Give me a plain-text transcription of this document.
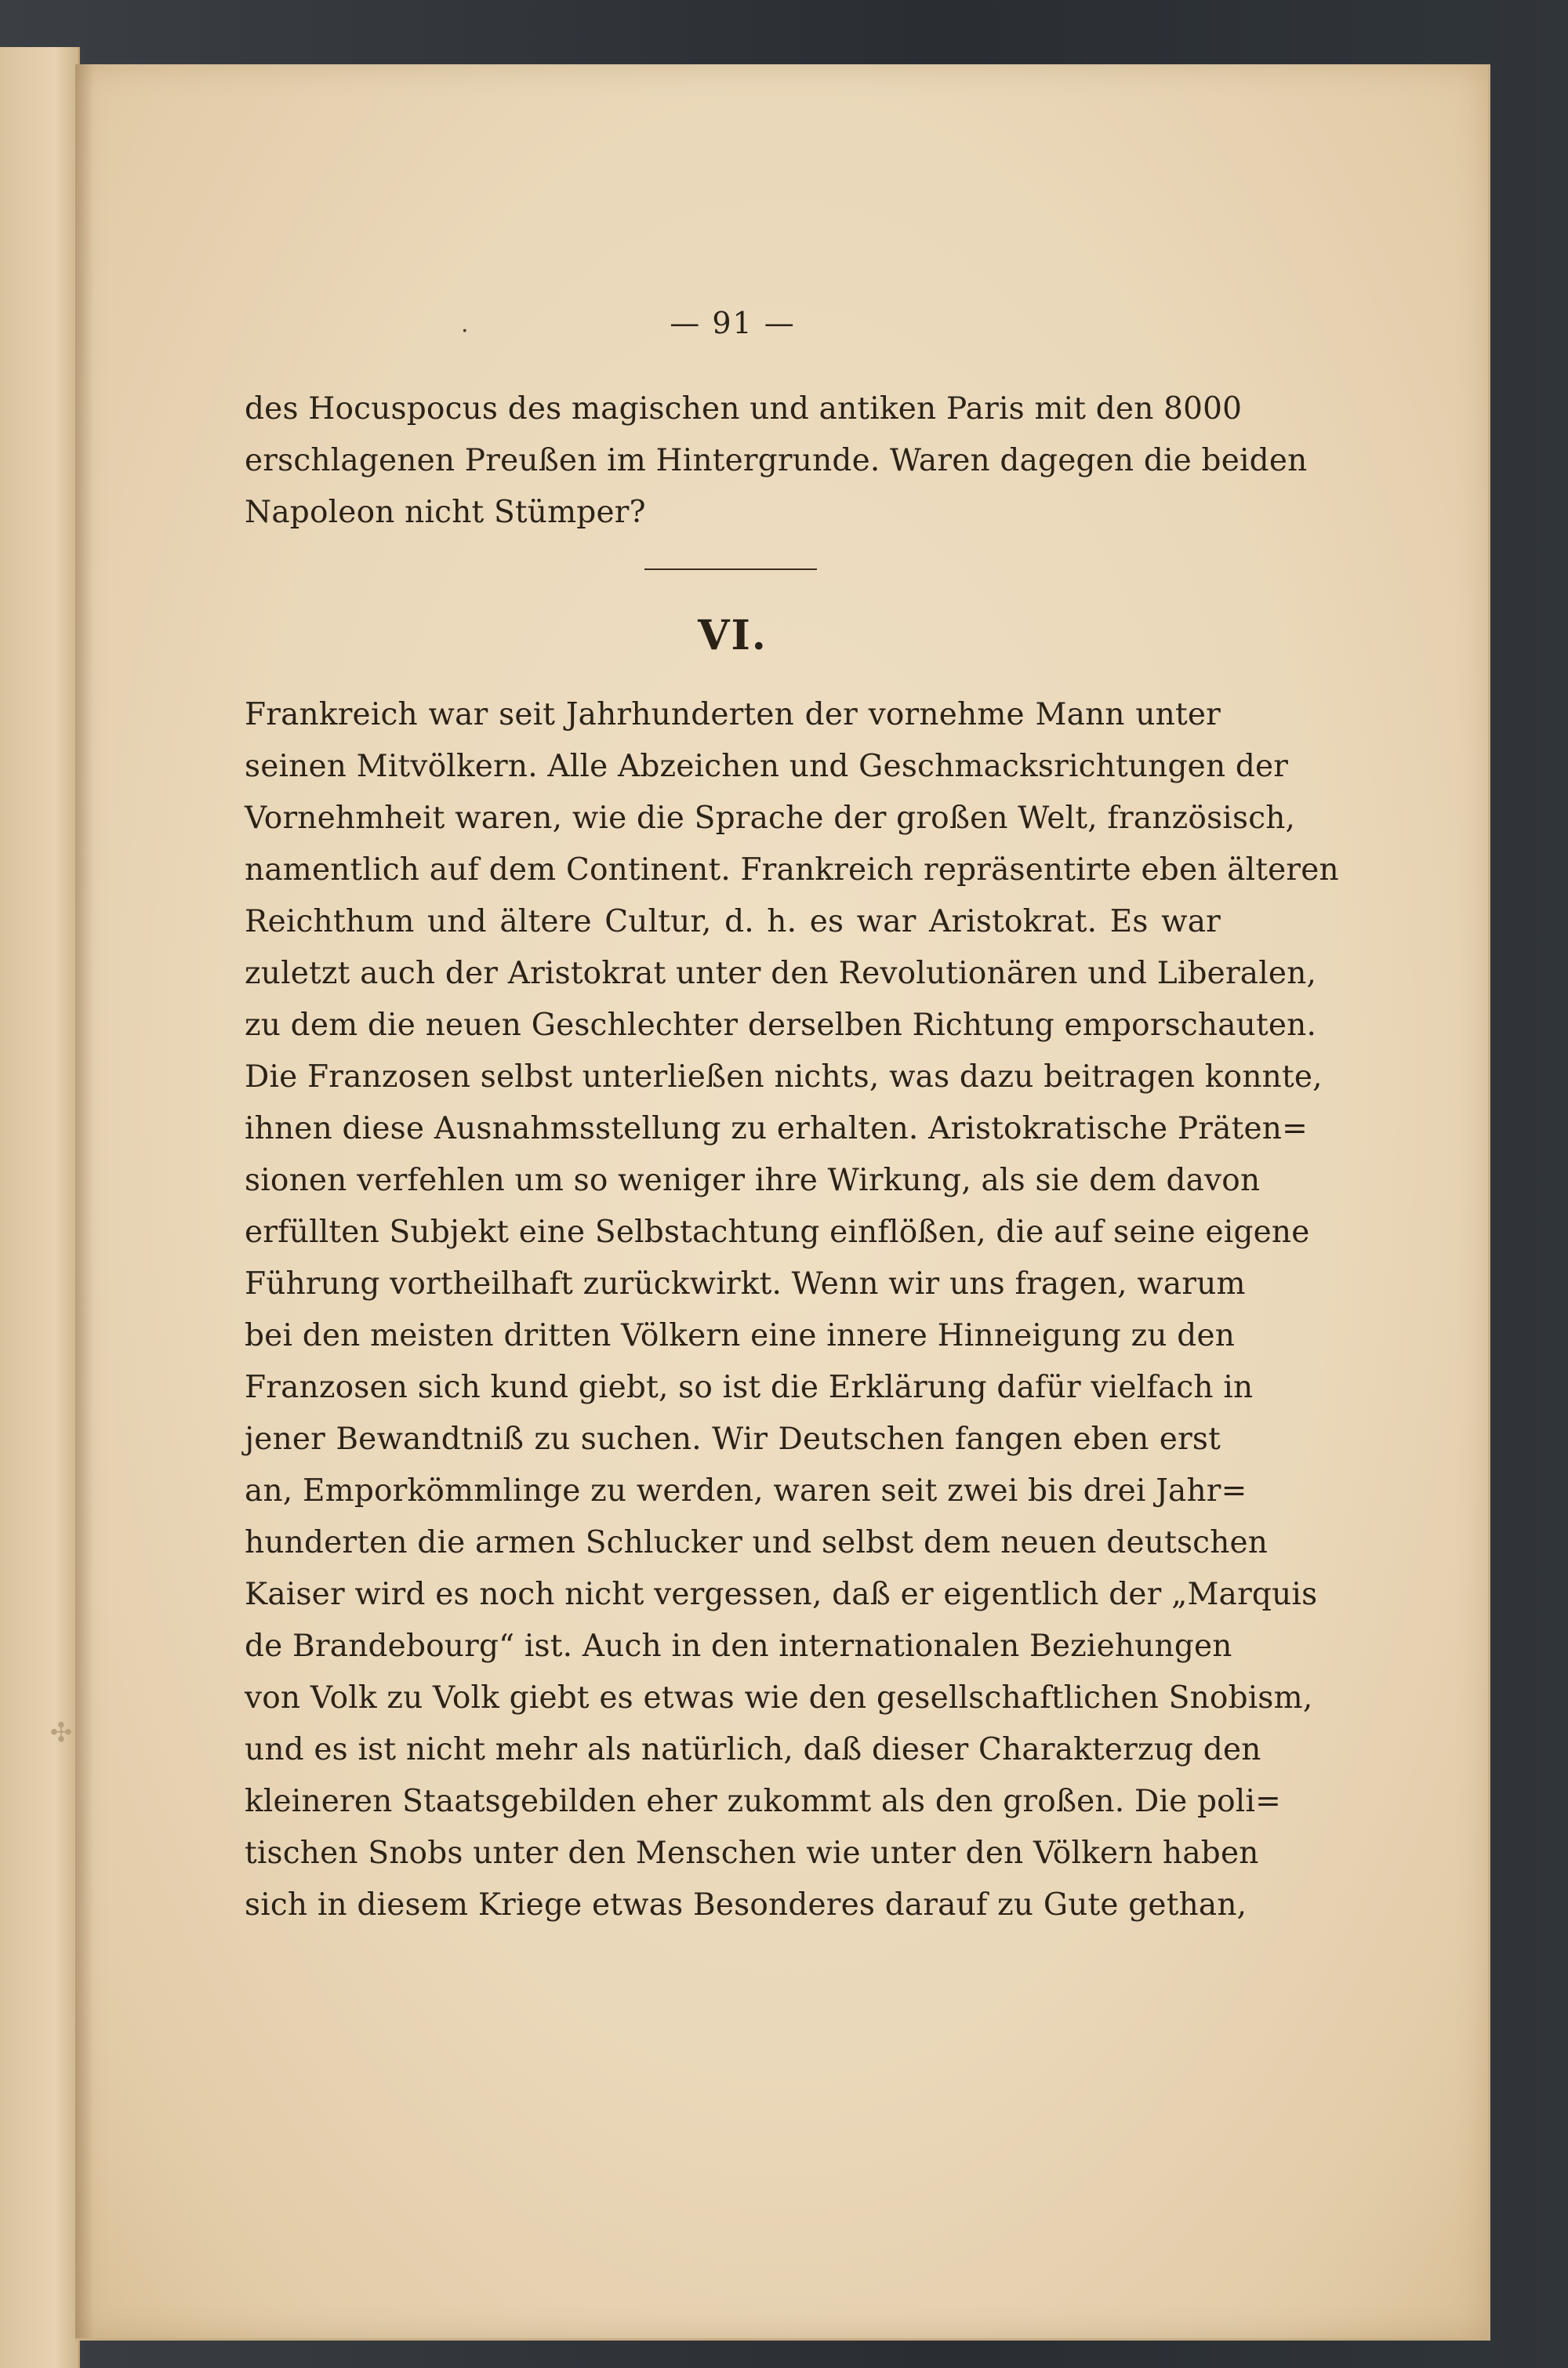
✣
.	— 91 —
des Hocuspocus des magischen und antiken Paris mit den 8000
erschlagenen Preußen im Hintergrunde. Waren dagegen die beiden
Napoleon nicht Stümper?
VI.
Frankreich war seit Jahrhunderten der vornehme Mann unter
seinen Mitvölkern. Alle Abzeichen und Geschmacksrichtungen der
Vornehmheit waren, wie die Sprache der großen Welt, französisch,
namentlich auf dem Continent. Frankreich repräsentirte eben älteren
Reichthum und ältere Cultur, d. h. es war Aristokrat. Es war
zuletzt auch der Aristokrat unter den Revolutionären und Liberalen,
zu dem die neuen Geschlechter derselben Richtung emporschauten.
Die Franzosen selbst unterließen nichts, was dazu beitragen konnte,
ihnen diese Ausnahmsstellung zu erhalten. Aristokratische Präten=
sionen verfehlen um so weniger ihre Wirkung, als sie dem davon
erfüllten Subjekt eine Selbstachtung einflößen, die auf seine eigene
Führung vortheilhaft zurückwirkt. Wenn wir uns fragen, warum
bei den meisten dritten Völkern eine innere Hinneigung zu den
Franzosen sich kund giebt, so ist die Erklärung dafür vielfach in
jener Bewandtniß zu suchen. Wir Deutschen fangen eben erst
an, Emporkömmlinge zu werden, waren seit zwei bis drei Jahr=
hunderten die armen Schlucker und selbst dem neuen deutschen
Kaiser wird es noch nicht vergessen, daß er eigentlich der „Marquis
de Brandebourg“ ist. Auch in den internationalen Beziehungen
von Volk zu Volk giebt es etwas wie den gesellschaftlichen Snobism,
und es ist nicht mehr als natürlich, daß dieser Charakterzug den
kleineren Staatsgebilden eher zukommt als den großen. Die poli=
tischen Snobs unter den Menschen wie unter den Völkern haben
sich in diesem Kriege etwas Besonderes darauf zu Gute gethan,
